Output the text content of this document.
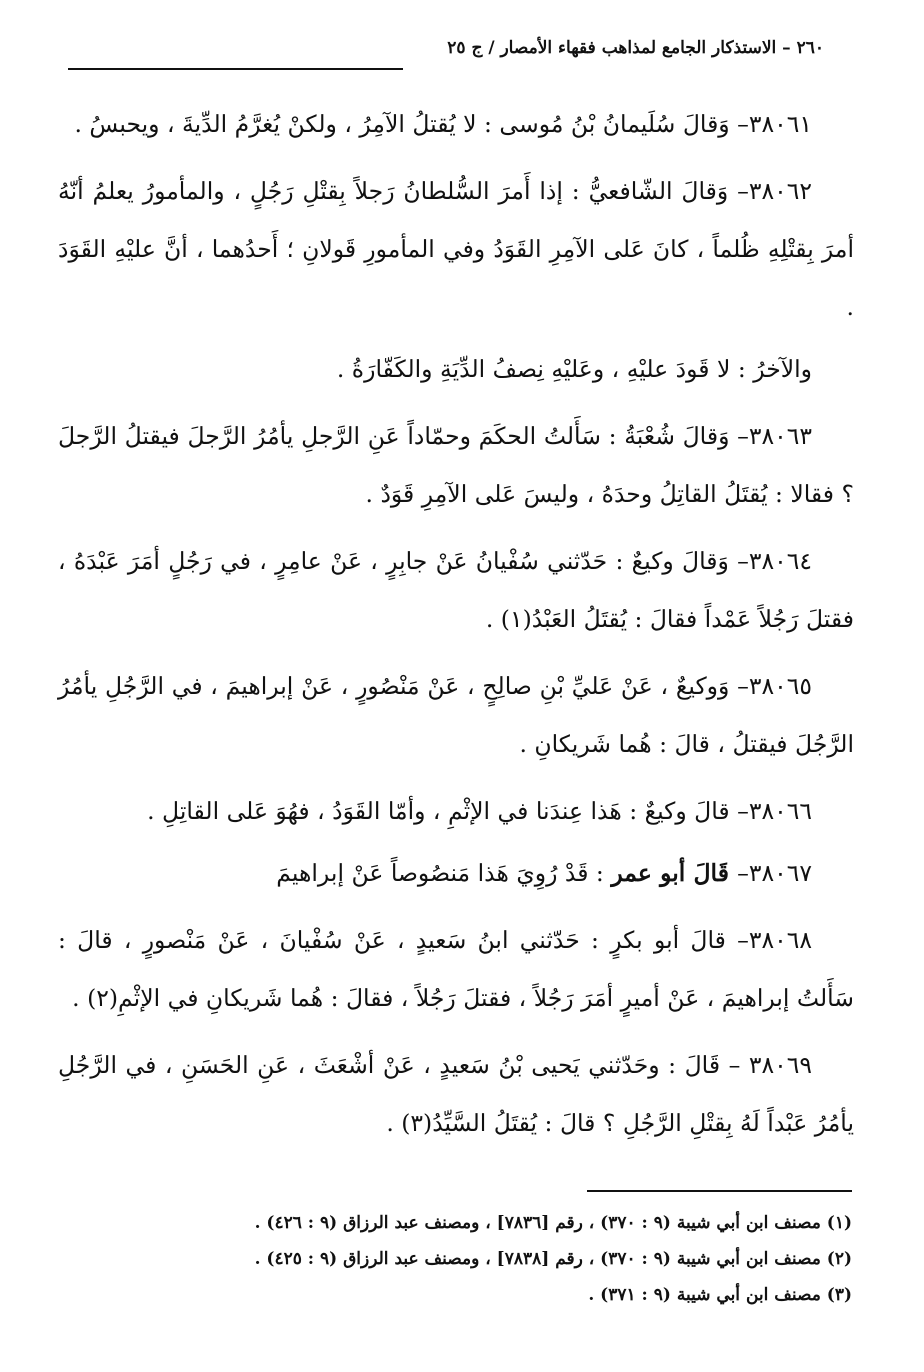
٢٦٠ – الاستذكار الجامع لمذاهب فقهاء الأمصار / ج ٢٥

٣٨٠٦١– وَقالَ سُلَيمانُ بْنُ مُوسى : لا يُقتلُ الآمِرُ ، ولكنْ يُغرَّمُ الدِّيةَ ، ويحبسُ .

٣٨٠٦٢– وَقالَ الشّافعيُّ : إذا أَمرَ السُّلطانُ رَجلاً بِقتْلِ رَجُلٍ ، والمأمورُ يعلمُ أنّهُ أمرَ بِقتْلِهِ ظُلماً ، كانَ عَلى الآمِرِ القَوَدُ وفي المأمورِ قَولانِ ؛ أَحدُهما ، أنَّ عليْهِ القَوَدَ .

والآخرُ : لا قَودَ عليْهِ ، وعَليْهِ نِصفُ الدِّيَةِ والكَفّارَةُ .

٣٨٠٦٣– وَقالَ شُعْبَةُ : سَأَلتُ الحكَمَ وحمّاداً عَنِ الرَّجلِ يأمُرُ الرَّجلَ فيقتلُ الرَّجلَ ؟ فقالا : يُقتَلُ القاتِلُ وحدَهُ ، وليسَ عَلى الآمِرِ قَوَدٌ .

٣٨٠٦٤– وَقالَ وكيعٌ : حَدّثني سُفْيانُ عَنْ جابِرٍ ، عَنْ عامِرٍ ، في رَجُلٍ أمَرَ عَبْدَهُ ، فقتلَ رَجُلاً عَمْداً فقالَ : يُقتَلُ العَبْدُ(١) .

٣٨٠٦٥– وَوكيعٌ ، عَنْ عَليِّ بْنِ صالِحٍ ، عَنْ مَنْصُورٍ ، عَنْ إبراهيمَ ، في الرَّجُلِ يأمُرُ الرَّجُلَ فيقتلُ ، قالَ : هُما شَريكانِ .

٣٨٠٦٦– قالَ وكيعٌ : هَذا عِندَنا في الإثْمِ ، وأمّا القَوَدُ ، فهُوَ عَلى القاتِلِ .

٣٨٠٦٧– قَالَ أبو عمر : قَدْ رُوِيَ هَذا مَنصُوصاً عَنْ إبراهيمَ

٣٨٠٦٨– قالَ أبو بكرٍ : حَدّثني ابنُ سَعيدٍ ، عَنْ سُفْيانَ ، عَنْ مَنْصورٍ ، قالَ : سَأَلتُ إبراهيمَ ، عَنْ أميرٍ أمَرَ رَجُلاً ، فقتلَ رَجُلاً ، فقالَ : هُما شَريكانِ في الإثْمِ(٢) .

٣٨٠٦٩ – قَالَ : وحَدّثني يَحيى بْنُ سَعيدٍ ، عَنْ أشْعَثَ ، عَنِ الحَسَنِ ، في الرَّجُلِ يأمُرُ عَبْداً لَهُ بِقتْلِ الرَّجُلِ ؟ قالَ : يُقتَلُ السَّيِّدُ(٣) .

(١) مصنف ابن أبي شيبة (٩ : ٣٧٠) ، رقم [٧٨٣٦] ، ومصنف عبد الرزاق (٩ : ٤٢٦) .

(٢) مصنف ابن أبي شيبة (٩ : ٣٧٠) ، رقم [٧٨٣٨] ، ومصنف عبد الرزاق (٩ : ٤٢٥) .

(٣) مصنف ابن أبي شيبة (٩ : ٣٧١) .
